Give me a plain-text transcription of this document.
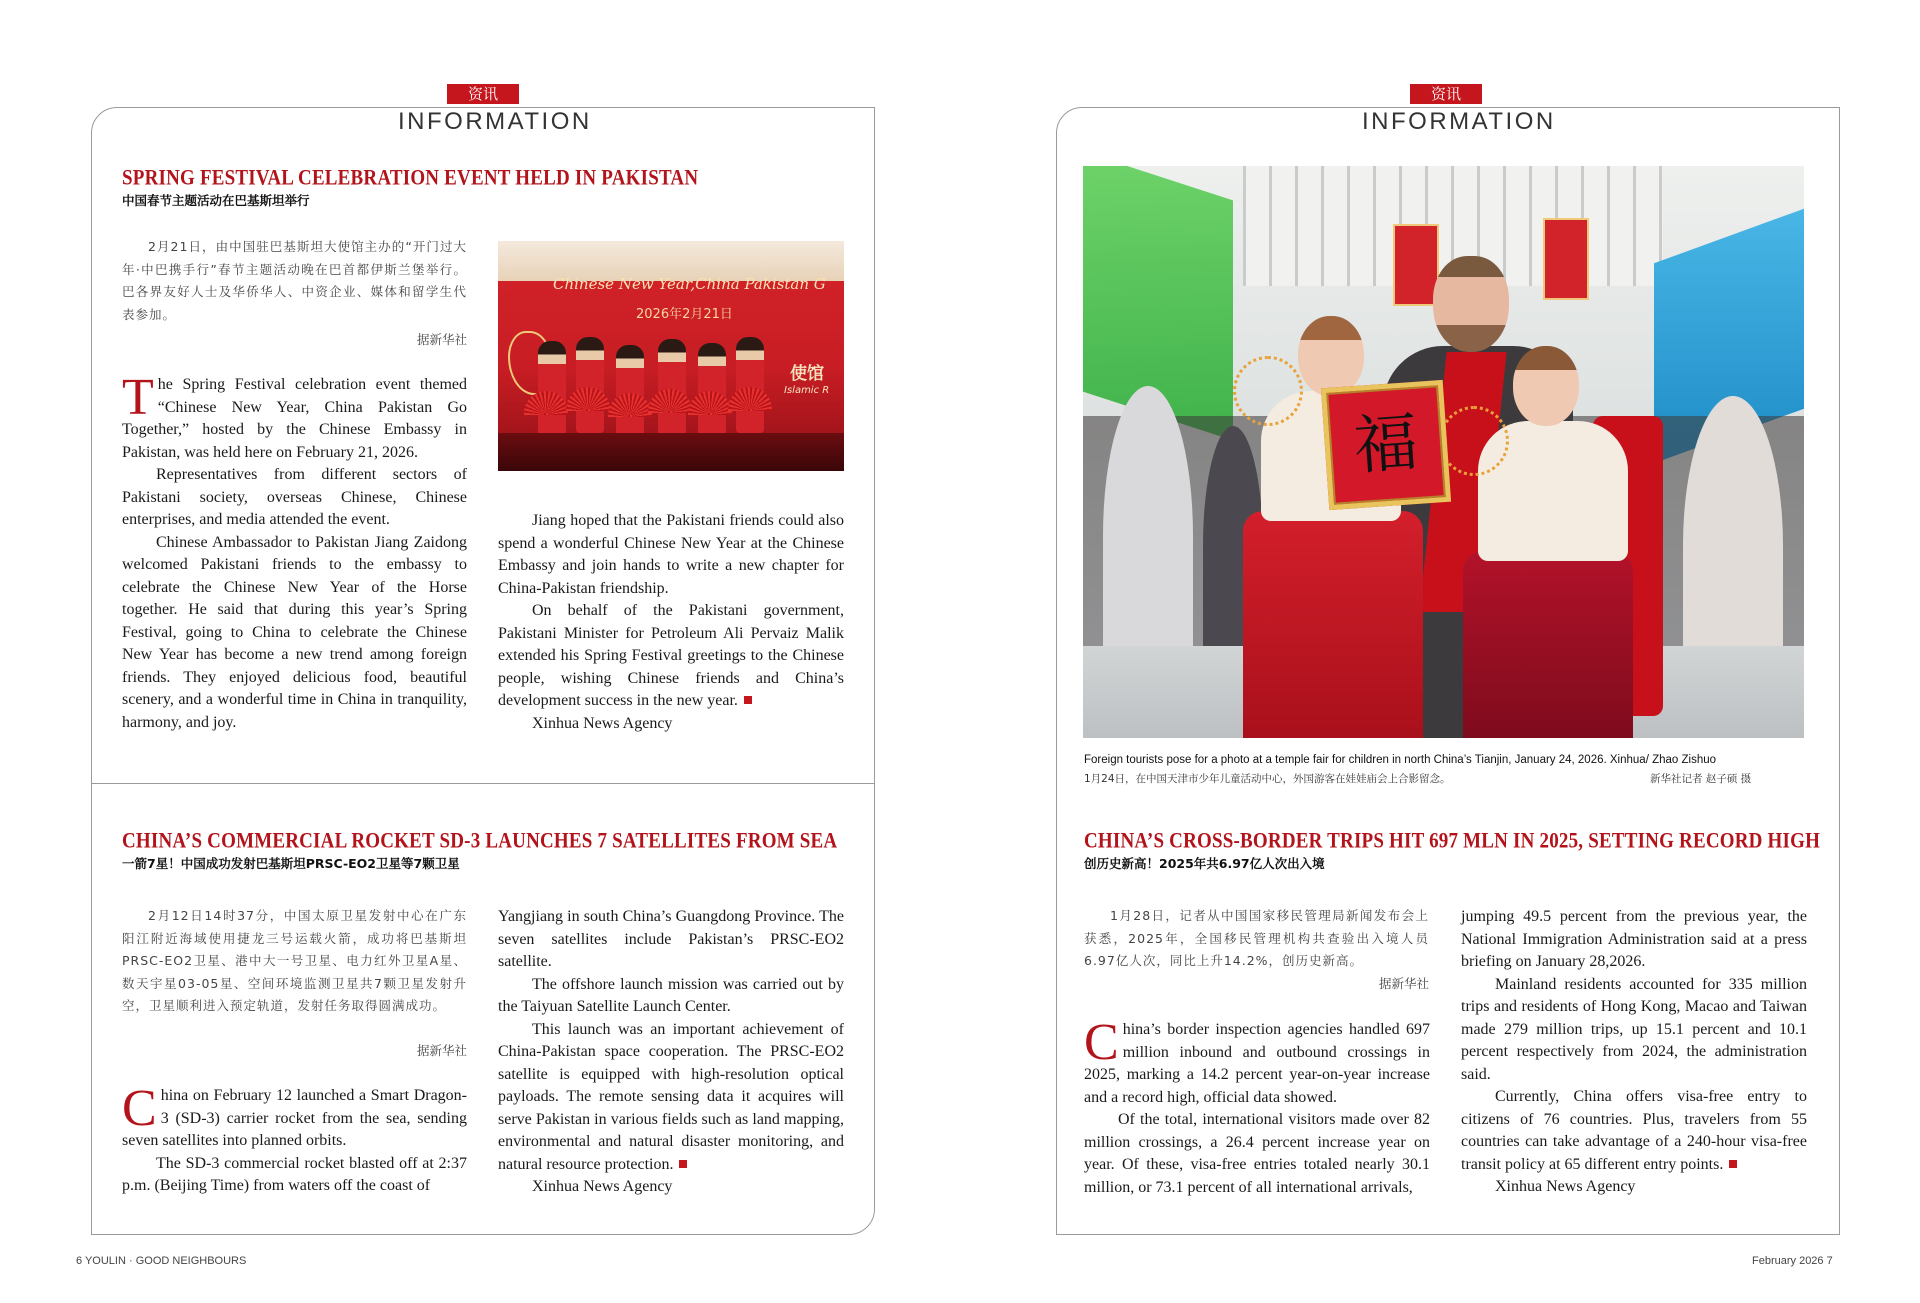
INFORMATION
资讯
SPRING FESTIVAL CELEBRATION EVENT HELD IN PAKISTAN
中国春节主题活动在巴基斯坦举行
2月21日，由中国驻巴基斯坦大使馆主办的“开门过大年·中巴携手行”春节主题活动晚在巴首都伊斯兰堡举行。巴各界友好人士及华侨华人、中资企业、媒体和留学生代表参加。
据新华社
Chinese New Year,China Pakistan G
2026年2月21日
使馆
Islamic R

The Spring Festival celebration event themed “Chinese New Year, China Pakistan Go Together,” hosted by the Chinese Embassy in Pakistan, was held here on February 21, 2026.

Representatives from different sectors of Pakistani society, overseas Chinese, Chinese enterprises, and media attended the event.

Chinese Ambassador to Pakistan Jiang Zaidong welcomed Pakistani friends to the embassy to celebrate the Chinese New Year of the Horse together. He said that during this year’s Spring Festival, going to China to celebrate the Chinese New Year has become a new trend among foreign friends. They enjoyed delicious food, beautiful scenery, and a wonderful time in China in tranquility, harmony, and joy.

Jiang hoped that the Pakistani friends could also spend a wonderful Chinese New Year at the Chinese Embassy and join hands to write a new chapter for China-Pakistan friendship.

On behalf of the Pakistani government, Pakistani Minister for Petroleum Ali Pervaiz Malik extended his Spring Festival greetings to the Chinese people, wishing Chinese friends and China’s development success in the new year.

Xinhua News Agency

CHINA’S COMMERCIAL ROCKET SD-3 LAUNCHES 7 SATELLITES FROM SEA
一箭7星！中国成功发射巴基斯坦PRSC-EO2卫星等7颗卫星
2月12日14时37分，中国太原卫星发射中心在广东阳江附近海域使用捷龙三号运载火箭，成功将巴基斯坦PRSC-EO2卫星、港中大一号卫星、电力红外卫星A星、数天宇星03-05星、空间环境监测卫星共7颗卫星发射升空，卫星顺利进入预定轨道，发射任务取得圆满成功。
据新华社

China on February 12 launched a Smart Dragon-3 (SD-3) carrier rocket from the sea, sending seven satellites into planned orbits.

The SD-3 commercial rocket blasted off at 2:37 p.m. (Beijing Time) from waters off the coast of

Yangjiang in south China’s Guangdong Province. The seven satellites include Pakistan’s PRSC-EO2 satellite.

The offshore launch mission was carried out by the Taiyuan Satellite Launch Center.

This launch was an important achievement of China-Pakistan space cooperation. The PRSC-EO2 satellite is equipped with high-resolution optical payloads. The remote sensing data it acquires will serve Pakistan in various fields such as land mapping, environmental and natural disaster monitoring, and natural resource protection.

Xinhua News Agency

6 YOULIN · GOOD NEIGHBOURS
INFORMATION
资讯
福
Foreign tourists pose for a photo at a temple fair for children in north China’s Tianjin, January 24, 2026. Xinhua/ Zhao Zishuo
1月24日，在中国天津市少年儿童活动中心，外国游客在娃娃庙会上合影留念。	新华社记者 赵子硕 摄
CHINA’S CROSS-BORDER TRIPS HIT 697 MLN IN 2025, SETTING RECORD HIGH
创历史新高！2025年共6.97亿人次出入境
1月28日，记者从中国国家移民管理局新闻发布会上获悉，2025年，全国移民管理机构共查验出入境人员6.97亿人次，同比上升14.2%，创历史新高。
据新华社

China’s border inspection agencies handled 697 million inbound and outbound crossings in 2025, marking a 14.2 percent year-on-year increase and a record high, official data showed.

Of the total, international visitors made over 82 million crossings, a 26.4 percent increase year on year. Of these, visa-free entries totaled nearly 30.1 million, or 73.1 percent of all international arrivals,

jumping 49.5 percent from the previous year, the National Immigration Administration said at a press briefing on January 28,2026.

Mainland residents accounted for 335 million trips and residents of Hong Kong, Macao and Taiwan made 279 million trips, up 15.1 percent and 10.1 percent respectively from 2024, the administration said.

Currently, China offers visa-free entry to citizens of 76 countries. Plus, travelers from 55 countries can take advantage of a 240-hour visa-free transit policy at 65 different entry points.

Xinhua News Agency

February 2026 7
